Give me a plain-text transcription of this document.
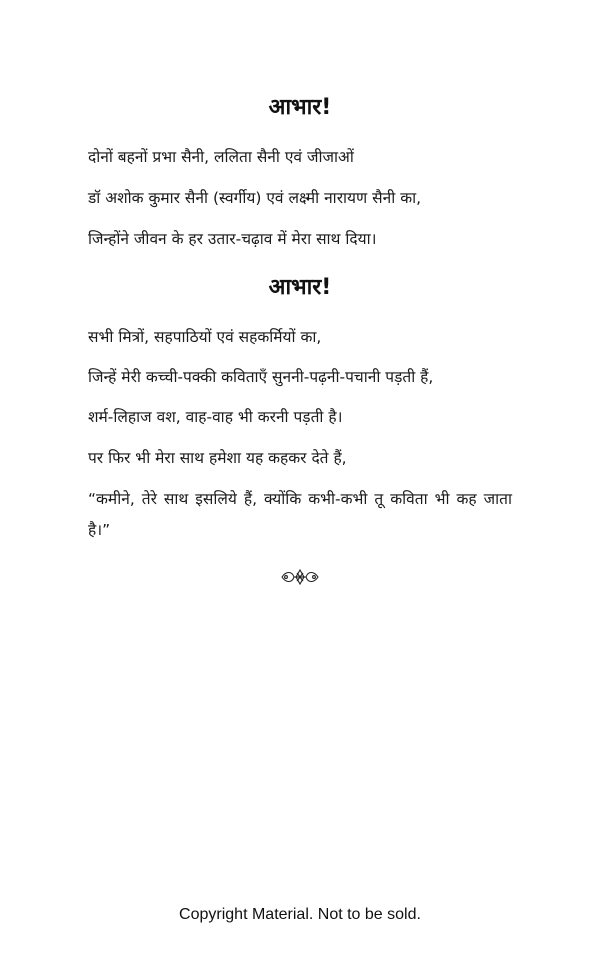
आभार!
दोनों बहनों प्रभा सैनी, ललिता सैनी एवं जीजाओं
डॉ अशोक कुमार सैनी (स्वर्गीय) एवं लक्ष्मी नारायण सैनी का,
जिन्होंने जीवन के हर उतार-चढ़ाव में मेरा साथ दिया।
आभार!
सभी मित्रों, सहपाठियों एवं सहकर्मियों का,
जिन्हें मेरी कच्ची-पक्की कविताएँ सुननी-पढ़नी-पचानी पड़ती हैं,
शर्म-लिहाज वश, वाह-वाह भी करनी पड़ती है।
पर फिर भी मेरा साथ हमेशा यह कहकर देते हैं,
“कमीने, तेरे साथ इसलिये हैं, क्योंकि कभी-कभी तू कविता भी कह जाता है।”
Copyright Material. Not to be sold.
